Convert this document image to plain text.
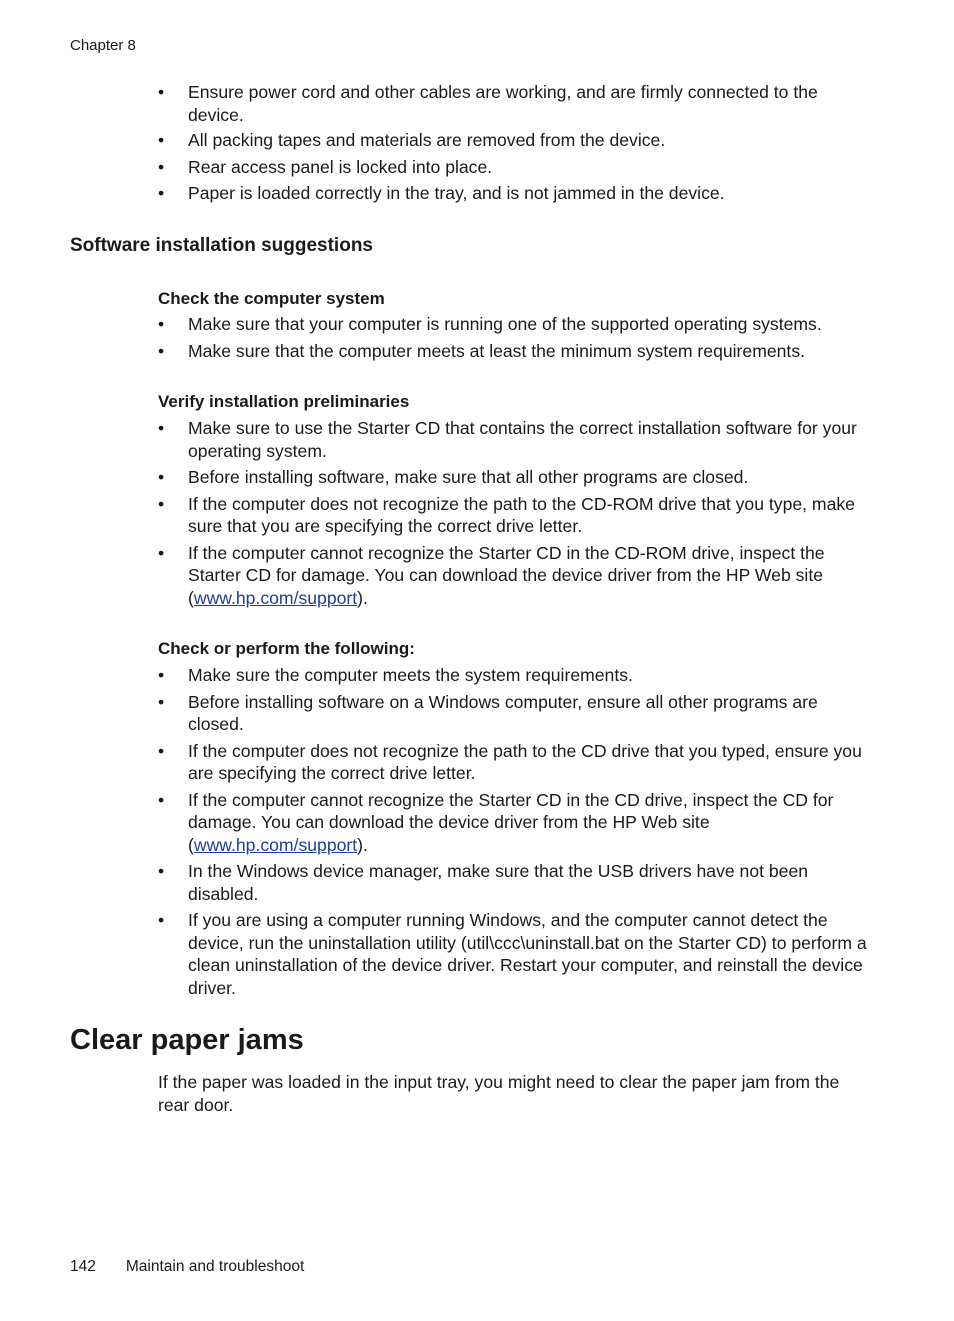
Chapter 8
• Ensure power cord and other cables are working, and are firmly connected to the device.
• All packing tapes and materials are removed from the device.
• Rear access panel is locked into place.
• Paper is loaded correctly in the tray, and is not jammed in the device.
Software installation suggestions
Check the computer system
• Make sure that your computer is running one of the supported operating systems.
• Make sure that the computer meets at least the minimum system requirements.
Verify installation preliminaries
• Make sure to use the Starter CD that contains the correct installation software for your operating system.
• Before installing software, make sure that all other programs are closed.
• If the computer does not recognize the path to the CD-ROM drive that you type, make sure that you are specifying the correct drive letter.
• If the computer cannot recognize the Starter CD in the CD-ROM drive, inspect the Starter CD for damage. You can download the device driver from the HP Web site (www.hp.com/support).
Check or perform the following:
• Make sure the computer meets the system requirements.
• Before installing software on a Windows computer, ensure all other programs are closed.
• If the computer does not recognize the path to the CD drive that you typed, ensure you are specifying the correct drive letter.
• If the computer cannot recognize the Starter CD in the CD drive, inspect the CD for damage. You can download the device driver from the HP Web site (www.hp.com/support).
• In the Windows device manager, make sure that the USB drivers have not been disabled.
• If you are using a computer running Windows, and the computer cannot detect the device, run the uninstallation utility (util\ccc\uninstall.bat on the Starter CD) to perform a clean uninstallation of the device driver. Restart your computer, and reinstall the device driver.
Clear paper jams
If the paper was loaded in the input tray, you might need to clear the paper jam from the rear door.
142 Maintain and troubleshoot
